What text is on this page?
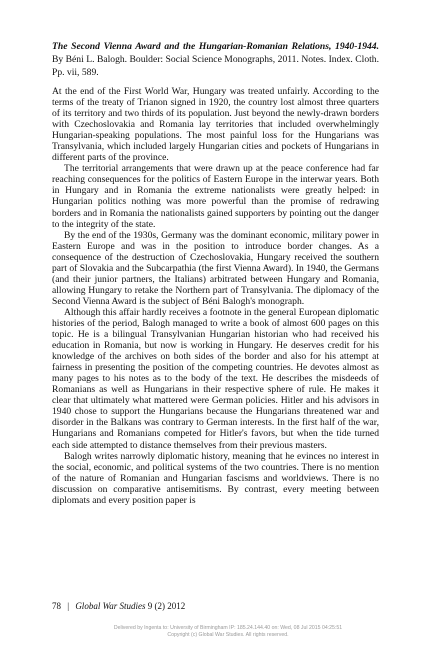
The Second Vienna Award and the Hungarian-Romanian Relations, 1940-1944. By Béni L. Balogh. Boulder: Social Science Monographs, 2011. Notes. Index. Cloth. Pp. vii, 589.

At the end of the First World War, Hungary was treated unfairly. According to the terms of the treaty of Trianon signed in 1920, the country lost almost three quarters of its territory and two thirds of its population. Just beyond the newly-drawn borders with Czechoslovakia and Romania lay territories that included overwhelmingly Hungarian-speaking populations. The most painful loss for the Hungarians was Transylvania, which included largely Hungarian cities and pockets of Hungarians in different parts of the province.

The territorial arrangements that were drawn up at the peace conference had far reaching consequences for the politics of Eastern Europe in the interwar years. Both in Hungary and in Romania the extreme nationalists were greatly helped: in Hungarian politics nothing was more powerful than the promise of redrawing borders and in Romania the nationalists gained supporters by pointing out the danger to the integrity of the state.

By the end of the 1930s, Germany was the dominant economic, military power in Eastern Europe and was in the position to introduce border changes. As a consequence of the destruction of Czechoslovakia, Hungary received the southern part of Slovakia and the Subcarpathia (the first Vienna Award). In 1940, the Germans (and their junior partners, the Italians) arbitrated between Hungary and Romania, allowing Hungary to retake the Northern part of Transylvania. The diplomacy of the Second Vienna Award is the subject of Béni Balogh's monograph.

Although this affair hardly receives a footnote in the general European diplomatic histories of the period, Balogh managed to write a book of almost 600 pages on this topic. He is a bilingual Transylvanian Hungarian historian who had received his education in Romania, but now is working in Hungary. He deserves credit for his knowledge of the archives on both sides of the border and also for his attempt at fairness in presenting the position of the competing countries. He devotes almost as many pages to his notes as to the body of the text. He describes the misdeeds of Romanians as well as Hungarians in their respective sphere of rule. He makes it clear that ultimately what mattered were German policies. Hitler and his advisors in 1940 chose to support the Hungarians because the Hungarians threatened war and disorder in the Balkans was contrary to German interests. In the first half of the war, Hungarians and Romanians competed for Hitler's favors, but when the tide turned each side attempted to distance themselves from their previous masters.

Balogh writes narrowly diplomatic history, meaning that he evinces no interest in the social, economic, and political systems of the two countries. There is no mention of the nature of Romanian and Hungarian fascisms and worldviews. There is no discussion on comparative antisemitisms. By contrast, every meeting between diplomats and every position paper is

78 | Global War Studies 9 (2) 2012
Delivered by Ingenta to: University of Birmingham IP: 185.24.144.40 on: Wed, 08 Jul 2015 04:25:51
Copyright (c) Global War Studies. All rights reserved.
